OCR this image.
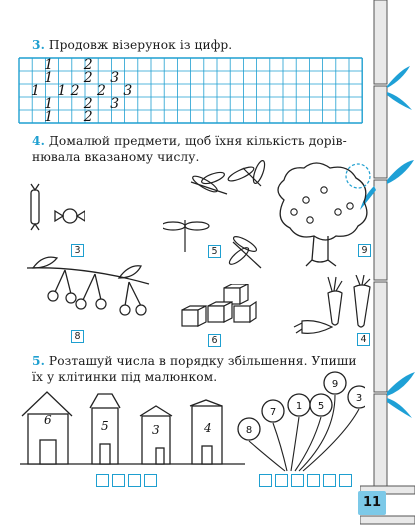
3. Продовж візерунок із цифр.
1 2
1 2 3
1 1 2 2 3
1 2 3
1 2
4. Домалюй предмети, щоб їхня кількість дорів-
нювала вказаному числу.
3	5	9
8	6	4
5. Розташуй числа в порядку збільшення. Упиши
їх у клітинки під малюнком.
6	5	3	4	8
7
1 5
9
3
11
